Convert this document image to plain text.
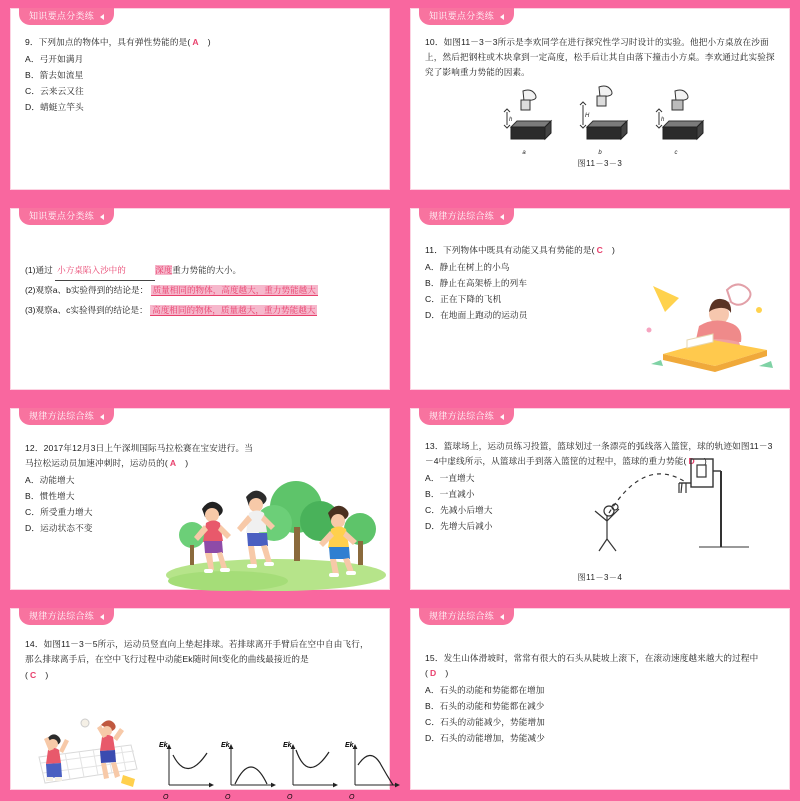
知识要点分类练
9．下列加点的物体中，具有弹性势能的是( A )
A．弓开如满月
B．箭去如流星
C．云来云又往
D．蜻蜓立竿头
知识要点分类练
10．如图11－3－3所示是李欢同学在进行探究性学习时设计的实验。他把小方桌放在沙面上，然后把钢柱或木块拿到一定高度，松手后让其自由落下撞击小方桌。李欢通过此实验探究了影响重力势能的因素。
h
a
H
b
h
c
图11－3－3
知识要点分类练
(1)通过 小方桌陷入沙中的	深度重力势能的大小。
(2)观察a、b实验得到的结论是： 质量相同的物体，高度越大，重力势能越大
(3)观察a、c实验得到的结论是： 高度相同的物体，质量越大，重力势能越大
规律方法综合练
11．下列物体中既具有动能又具有势能的是( C )
A．静止在树上的小鸟
B．静止在高架桥上的列车
C．正在下降的飞机
D．在地面上跑动的运动员
规律方法综合练
12．2017年12月3日上午深圳国际马拉松赛在宝安进行。当马拉松运动员加速冲刺时，运动员的( A )
A．动能增大
B．惯性增大
C．所受重力增大
D．运动状态不变
规律方法综合练
13．篮球场上，运动员练习投篮，篮球划过一条漂亮的弧线落入篮筐，球的轨迹如图11－3－4中虚线所示，从篮球出手到落入篮筐的过程中，篮球的重力势能( D )
A．一直增大
B．一直减小
C．先减小后增大
D．先增大后减小
图11－3－4
规律方法综合练
14．如图11－3－5所示，运动员竖直向上垫起排球。若排球离开手臂后在空中自由飞行，那么排球离手后，在空中飞行过程中动能Ek随时间t变化的曲线最接近的是
( C )
Ek
O
Ek
O
Ek
O
Ek
O
规律方法综合练
15．发生山体滑坡时，常常有很大的石头从陡坡上滚下，在滚动速度越来越大的过程中( D )
A．石头的动能和势能都在增加
B．石头的动能和势能都在减少
C．石头的动能减少，势能增加
D．石头的动能增加，势能减少
